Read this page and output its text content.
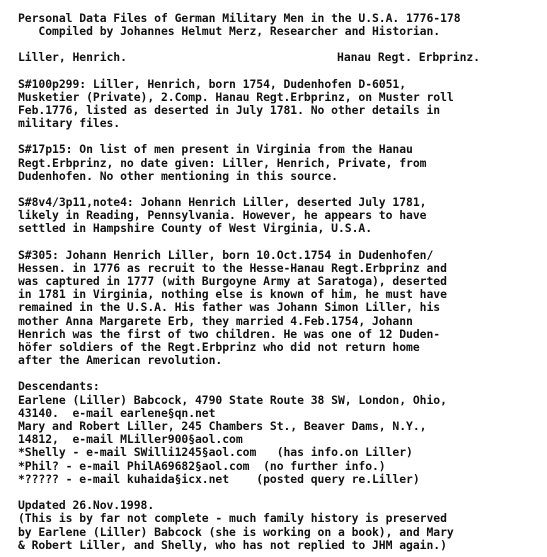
Personal Data Files of German Military Men in the U.S.A. 1776-178
Compiled by Johannes Helmut Merz, Researcher and Historian.
Liller, Henrich.	Hanau Regt. Erbprinz.
S#100p299: Liller, Henrich, born 1754, Dudenhofen D-6051,
Musketier (Private), 2.Comp. Hanau Regt.Erbprinz, on Muster roll
Feb.1776, listed as deserted in July 1781. No other details in
military files.
S#17p15: On list of men present in Virginia from the Hanau
Regt.Erbprinz, no date given: Liller, Henrich, Private, from
Dudenhofen. No other mentioning in this source.
S#8v4/3p11,note4: Johann Henrich Liller, deserted July 1781,
likely in Reading, Pennsylvania. However, he appears to have
settled in Hampshire County of West Virginia, U.S.A.
S#305: Johann Henrich Liller, born 10.Oct.1754 in Dudenhofen/
Hessen. in 1776 as recruit to the Hesse-Hanau Regt.Erbprinz and
was captured in 1777 (with Burgoyne Army at Saratoga), deserted
in 1781 in Virginia, nothing else is known of him, he must have
remained in the U.S.A. His father was Johann Simon Liller, his
mother Anna Margarete Erb, they married 4.Feb.1754, Johann
Henrich was the first of two children. He was one of 12 Duden-
höfer soldiers of the Regt.Erbprinz who did not return home
after the American revolution.
Descendants:
Earlene (Liller) Babcock, 4790 State Route 38 SW, London, Ohio,
43140.  e-mail earlene§qn.net
Mary and Robert Liller, 245 Chambers St., Beaver Dams, N.Y.,
14812,  e-mail MLiller900§aol.com
*Shelly - e-mail SWilli1245§aol.com   (has info.on Liller)
*Phil? - e-mail PhilA69682§aol.com  (no further info.)
*????? - e-mail kuhaida§icx.net    (posted query re.Liller)
Updated 26.Nov.1998.
(This is by far not complete - much family history is preserved
by Earlene (Liller) Babcock (she is working on a book), and Mary
& Robert Liller, and Shelly, who has not replied to JHM again.)
